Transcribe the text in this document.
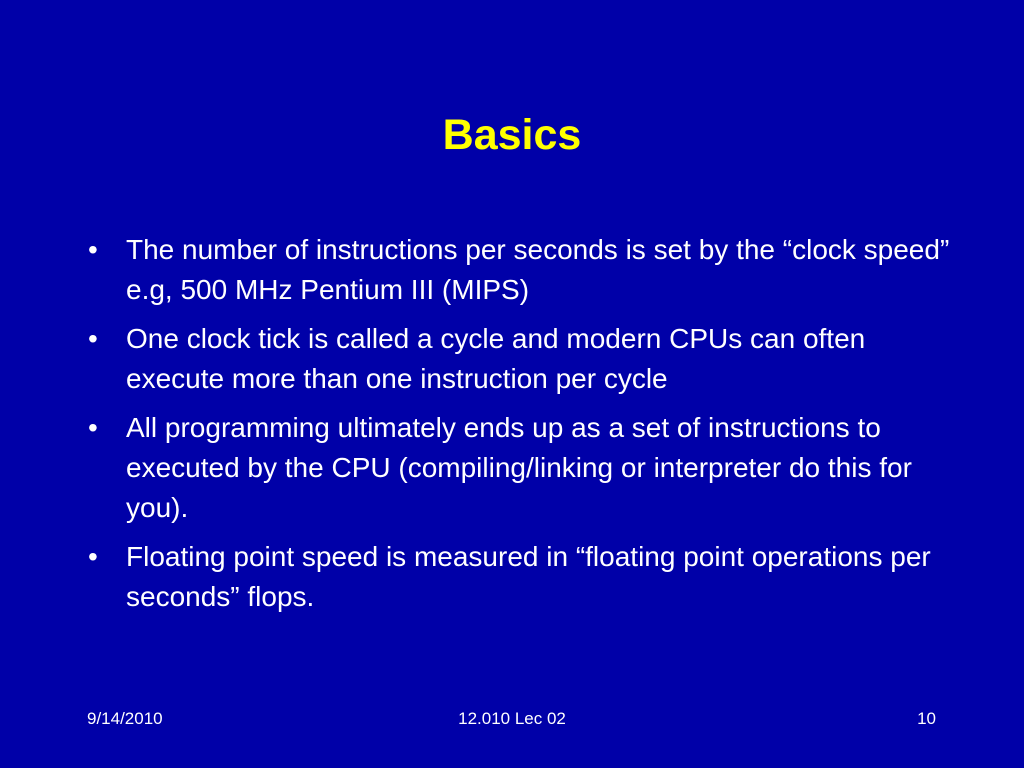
Basics
• The number of instructions per seconds is set by the “clock speed” e.g, 500 MHz Pentium III (MIPS)
• One clock tick is called a cycle and modern CPUs can often execute more than one instruction per cycle
• All programming ultimately ends up as a set of instructions to executed by the CPU (compiling/linking or interpreter do this for you).
• Floating point speed is measured in “floating point operations per seconds” flops.
9/14/2010	12.010 Lec 02	10
